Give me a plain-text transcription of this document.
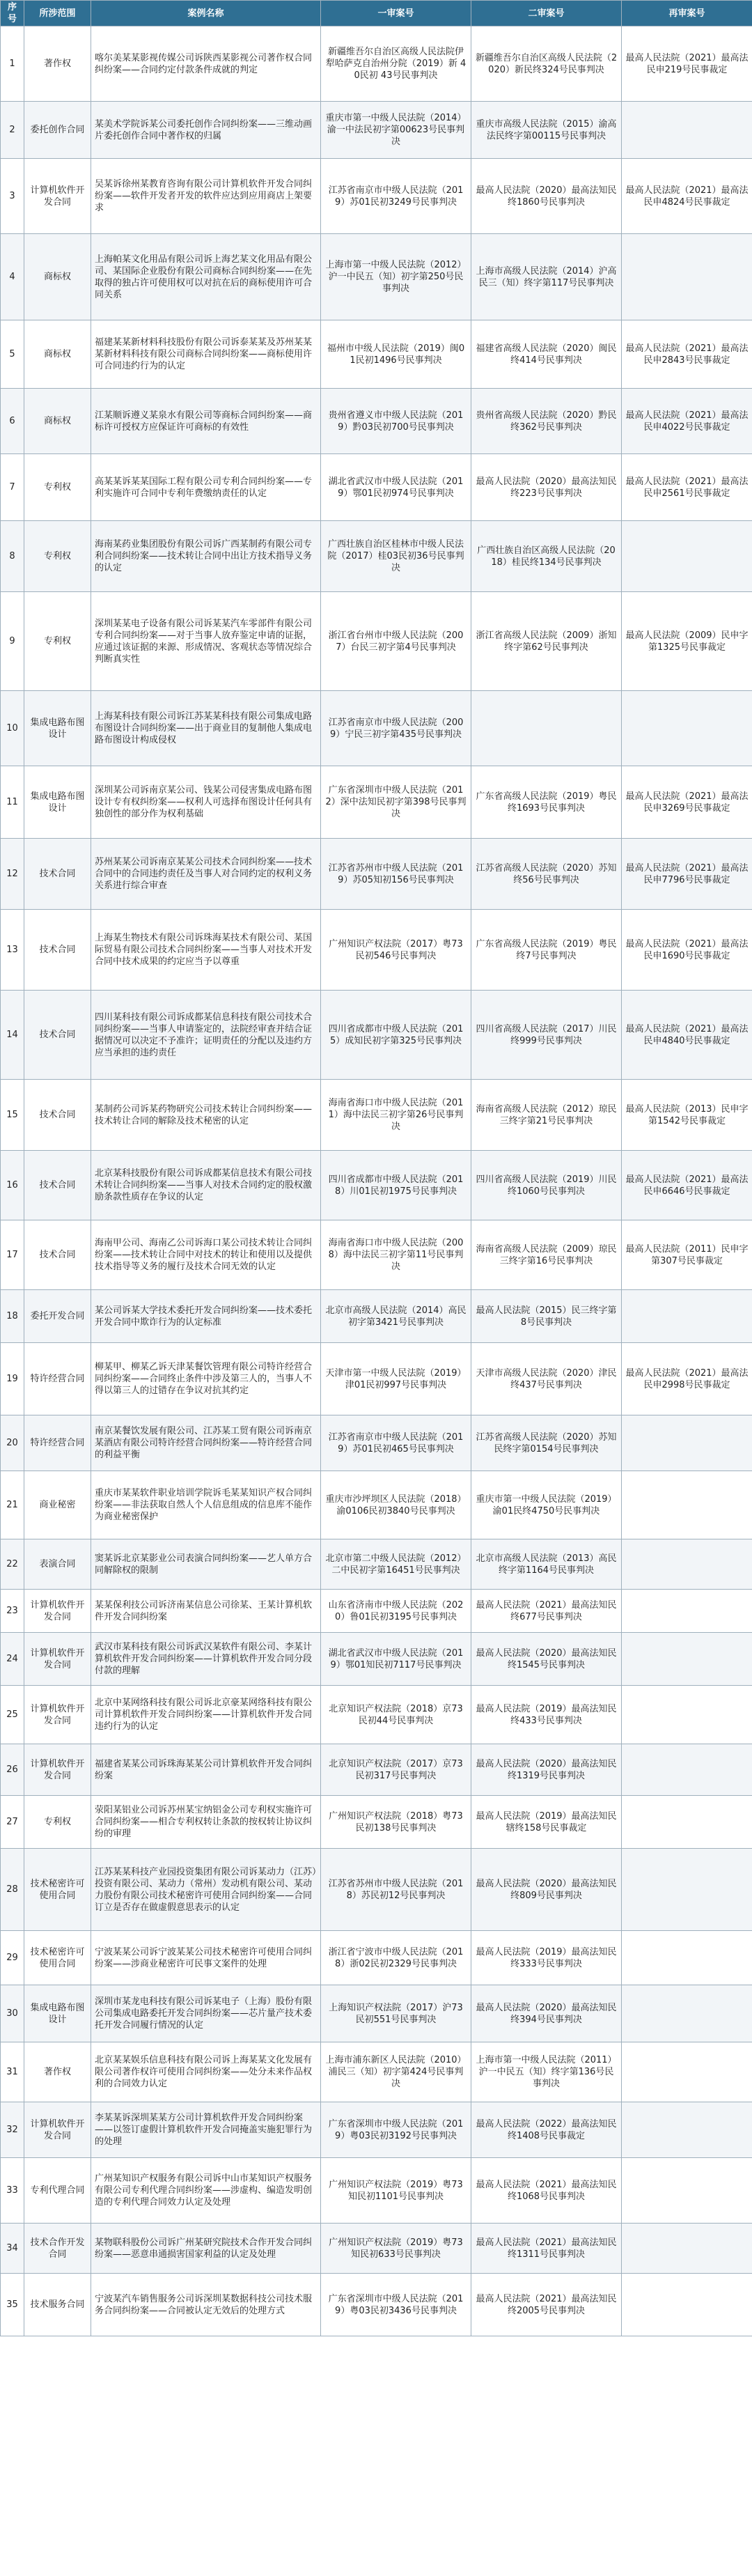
序号	所涉范围	案例名称	一审案号	二审案号	再审案号
1	著作权	喀尔美某某影视传媒公司诉陕西某影视公司著作权合同纠纷案——合同约定付款条件成就的判定	新疆维吾尔自治区高级人民法院伊犁哈萨克自治州分院（2019）新 40民初 43号民事判决	新疆维吾尔自治区高级人民法院（2020）新民终324号民事判决	最高人民法院（2021）最高法民申219号民事裁定
2	委托创作合同	某美术学院诉某公司委托创作合同纠纷案——三维动画片委托创作合同中著作权的归属	重庆市第一中级人民法院（2014）渝一中法民初字第00623号民事判决	重庆市高级人民法院（2015）渝高法民终字第00115号民事判决	
3	计算机软件开发合同	吴某诉徐州某教育咨询有限公司计算机软件开发合同纠纷案——软件开发者开发的软件应达到应用商店上架要求	江苏省南京市中级人民法院（2019）苏01民初3249号民事判决	最高人民法院（2020）最高法知民终1860号民事判决	最高人民法院（2021）最高法民申4824号民事裁定
4	商标权	上海帕某文化用品有限公司诉上海艺某文化用品有限公司、某国际企业股份有限公司商标合同纠纷案——在先取得的独占许可使用权可以对抗在后的商标使用许可合同关系	上海市第一中级人民法院（2012）沪一中民五（知）初字第250号民事判决	上海市高级人民法院（2014）沪高民三（知）终字第117号民事判决	
5	商标权	福建某某新材料科技股份有限公司诉泰某某及苏州某某某新材料科技有限公司商标合同纠纷案——商标使用许可合同违约行为的认定	福州市中级人民法院（2019）闽01民初1496号民事判决	福建省高级人民法院（2020）闽民终414号民事判决	最高人民法院（2021）最高法民申2843号民事裁定
6	商标权	江某顺诉遵义某泉水有限公司等商标合同纠纷案——商标许可授权方应保证许可商标的有效性	贵州省遵义市中级人民法院（2019）黔03民初700号民事判决	贵州省高级人民法院（2020）黔民终362号民事判决	最高人民法院（2021）最高法民申4022号民事裁定
7	专利权	高某某诉某某国际工程有限公司专利合同纠纷案——专利实施许可合同中专利年费缴纳责任的认定	湖北省武汉市中级人民法院（2019）鄂01民初974号民事判决	最高人民法院（2020）最高法知民终223号民事判决	最高人民法院（2021）最高法民申2561号民事裁定
8	专利权	海南某药业集团股份有限公司诉广西某制药有限公司专利合同纠纷案——技术转让合同中出让方技术指导义务的认定	广西壮族自治区桂林市中级人民法院（2017）桂03民初36号民事判决	广西壮族自治区高级人民法院（2018）桂民终134号民事判决	
9	专利权	深圳某某电子设备有限公司诉某某汽车零部件有限公司专利合同纠纷案——对于当事人放弃鉴定申请的证据，应通过该证据的来源、形成情况、客观状态等情况综合判断真实性	浙江省台州市中级人民法院（2007）台民三初字第4号民事判决	浙江省高级人民法院（2009）浙知终字第62号民事判决	最高人民法院（2009）民申字第1325号民事裁定
10	集成电路布图设计	上海某科技有限公司诉江苏某某科技有限公司集成电路布图设计合同纠纷案——出于商业目的复制他人集成电路布图设计构成侵权	江苏省南京市中级人民法院（2009）宁民三初字第435号民事判决		
11	集成电路布图设计	深圳某公司诉南京某公司、钱某公司侵害集成电路布图设计专有权纠纷案——权利人可选择布图设计任何具有独创性的部分作为权利基础	广东省深圳市中级人民法院（2012）深中法知民初字第398号民事判决	广东省高级人民法院（2019）粤民终1693号民事判决	最高人民法院（2021）最高法民申3269号民事裁定
12	技术合同	苏州某某公司诉南京某某公司技术合同纠纷案——技术合同中的合同违约责任及当事人对合同约定的权利义务关系进行综合审查	江苏省苏州市中级人民法院（2019）苏05知初156号民事判决	江苏省高级人民法院（2020）苏知终56号民事判决	最高人民法院（2021）最高法民申7796号民事裁定
13	技术合同	上海某生物技术有限公司诉珠海某技术有限公司、某国际贸易有限公司技术合同纠纷案——当事人对技术开发合同中技术成果的约定应当予以尊重	广州知识产权法院（2017）粤73民初546号民事判决	广东省高级人民法院（2019）粤民终7号民事判决	最高人民法院（2021）最高法民申1690号民事裁定
14	技术合同	四川某科技有限公司诉成都某信息科技有限公司技术合同纠纷案——当事人申请鉴定的，法院经审查并结合证据情况可以决定不予准许；证明责任的分配以及违约方应当承担的违约责任	四川省成都市中级人民法院（2015）成知民初字第325号民事判决	四川省高级人民法院（2017）川民终999号民事判决	最高人民法院（2021）最高法民申4840号民事裁定
15	技术合同	某制药公司诉某药物研究公司技术转让合同纠纷案——技术转让合同的解除及技术秘密的认定	海南省海口市中级人民法院（2011）海中法民三初字第26号民事判决	海南省高级人民法院（2012）琼民三终字第21号民事判决	最高人民法院（2013）民申字第1542号民事裁定
16	技术合同	北京某科技股份有限公司诉成都某信息技术有限公司技术转让合同纠纷案——当事人对技术合同约定的股权激励条款性质存在争议的认定	四川省成都市中级人民法院（2018）川01民初1975号民事判决	四川省高级人民法院（2019）川民终1060号民事判决	最高人民法院（2021）最高法民申6646号民事裁定
17	技术合同	海南甲公司、海南乙公司诉海口某公司技术转让合同纠纷案——技术转让合同中对技术的转让和使用以及提供技术指导等义务的履行及技术合同无效的认定	海南省海口市中级人民法院（2008）海中法民三初字第11号民事判决	海南省高级人民法院（2009）琼民三终字第16号民事判决	最高人民法院（2011）民申字第307号民事裁定
18	委托开发合同	某公司诉某大学技术委托开发合同纠纷案——技术委托开发合同中欺诈行为的认定标准	北京市高级人民法院（2014）高民初字第3421号民事判决	最高人民法院（2015）民三终字第8号民事判决	
19	特许经营合同	柳某甲、柳某乙诉天津某餐饮管理有限公司特许经营合同纠纷案——合同终止条件中涉及第三人的，当事人不得以第三人的过错存在争议对抗其约定	天津市第一中级人民法院（2019）津01民初997号民事判决	天津市高级人民法院（2020）津民终437号民事判决	最高人民法院（2021）最高法民申2998号民事裁定
20	特许经营合同	南京某餐饮发展有限公司、江苏某工贸有限公司诉南京某酒店有限公司特许经营合同纠纷案——特许经营合同的利益平衡	江苏省南京市中级人民法院（2019）苏01民初465号民事判决	江苏省高级人民法院（2020）苏知民终字第0154号民事判决	
21	商业秘密	重庆市某某软件职业培训学院诉毛某某知识产权合同纠纷案——非法获取自然人个人信息组成的信息库不能作为商业秘密保护	重庆市沙坪坝区人民法院（2018）渝0106民初3840号民事判决	重庆市第一中级人民法院（2019）渝01民终4750号民事判决	
22	表演合同	窦某诉北京某影业公司表演合同纠纷案——艺人单方合同解除权的限制	北京市第二中级人民法院（2012）二中民初字第16451号民事判决	北京市高级人民法院（2013）高民终字第1164号民事判决	
23	计算机软件开发合同	某某保利技公司诉济南某信息公司徐某、王某计算机软件开发合同纠纷案	山东省济南市中级人民法院（2020）鲁01民初3195号民事判决	最高人民法院（2021）最高法知民终677号民事判决	
24	计算机软件开发合同	武汉市某科技有限公司诉武汉某软件有限公司、李某计算机软件开发合同纠纷案——计算机软件开发合同分段付款的理解	湖北省武汉市中级人民法院（2019）鄂01知民初7117号民事判决	最高人民法院（2020）最高法知民终1545号民事判决	
25	计算机软件开发合同	北京中某网络科技有限公司诉北京豪某网络科技有限公司计算机软件开发合同纠纷案——计算机软件开发合同违约行为的认定	北京知识产权法院（2018）京73民初44号民事判决	最高人民法院（2019）最高法知民终433号民事判决	
26	计算机软件开发合同	福建省某某公司诉珠海某某公司计算机软件开发合同纠纷案	北京知识产权法院（2017）京73民初317号民事判决	最高人民法院（2020）最高法知民终1319号民事判决	
27	专利权	荥阳某铝业公司诉苏州某宝纳铝金公司专利权实施许可合同纠纷案——相合专利权转让条款的按权转让协议纠纷的审理	广州知识产权法院（2018）粤73民初138号民事判决	最高人民法院（2019）最高法知民辖终158号民事裁定	
28	技术秘密许可使用合同	江苏某某科技产业园投资集团有限公司诉某动力（江苏）投资有限公司、某动力（常州）发动机有限公司、某动力股份有限公司技术秘密许可使用合同纠纷案——合同订立是否存在做虚假意思表示的认定	江苏省苏州市中级人民法院（2018）苏民初12号民事判决	最高人民法院（2020）最高法知民终809号民事判决	
29	技术秘密许可使用合同	宁波某某公司诉宁波某某公司技术秘密许可使用合同纠纷案——涉商业秘密许可民事文案件的处理	浙江省宁波市中级人民法院（2018）浙02民初2329号民事判决	最高人民法院（2019）最高法知民终333号民事判决	
30	集成电路布图设计	深圳市某龙电科技有限公司诉某电子（上海）股份有限公司集成电路委托开发合同纠纷案——芯片量产技术委托开发合同履行情况的认定	上海知识产权法院（2017）沪73民初551号民事判决	最高人民法院（2020）最高法知民终394号民事判决	
31	著作权	北京某某娱乐信息科技有限公司诉上海某某文化发展有限公司著作权许可使用合同纠纷案——处分未来作品权利的合同效力认定	上海市浦东新区人民法院（2010）浦民三（知）初字第424号民事判决	上海市第一中级人民法院（2011）沪一中民五（知）终字第136号民事判决	
32	计算机软件开发合同	李某某诉深圳某某方公司计算机软件开发合同纠纷案——以签订虚假计算机软件开发合同掩盖实施犯罪行为的处理	广东省深圳市中级人民法院（2019）粤03民初3192号民事判决	最高人民法院（2022）最高法知民终1408号民事裁定	
33	专利代理合同	广州某知识产权服务有限公司诉中山市某知识产权服务有限公司专利代理合同纠纷案——涉虚构、编造发明创造的专利代理合同效力认定及处理	广州知识产权法院（2019）粤73知民初1101号民事判决	最高人民法院（2021）最高法知民终1068号民事判决	
34	技术合作开发合同	某物联科股份公司诉广州某研究院技术合作开发合同纠纷案——恶意串通损害国家利益的认定及处理	广州知识产权法院（2019）粤73知民初633号民事判决	最高人民法院（2021）最高法知民终1311号民事判决	
35	技术服务合同	宁波某汽车销售服务公司诉深圳某数据科技公司技术服务合同纠纷案——合同被认定无效后的处理方式	广东省深圳市中级人民法院（2019）粤03民初3436号民事判决	最高人民法院（2021）最高法知民终2005号民事判决	
